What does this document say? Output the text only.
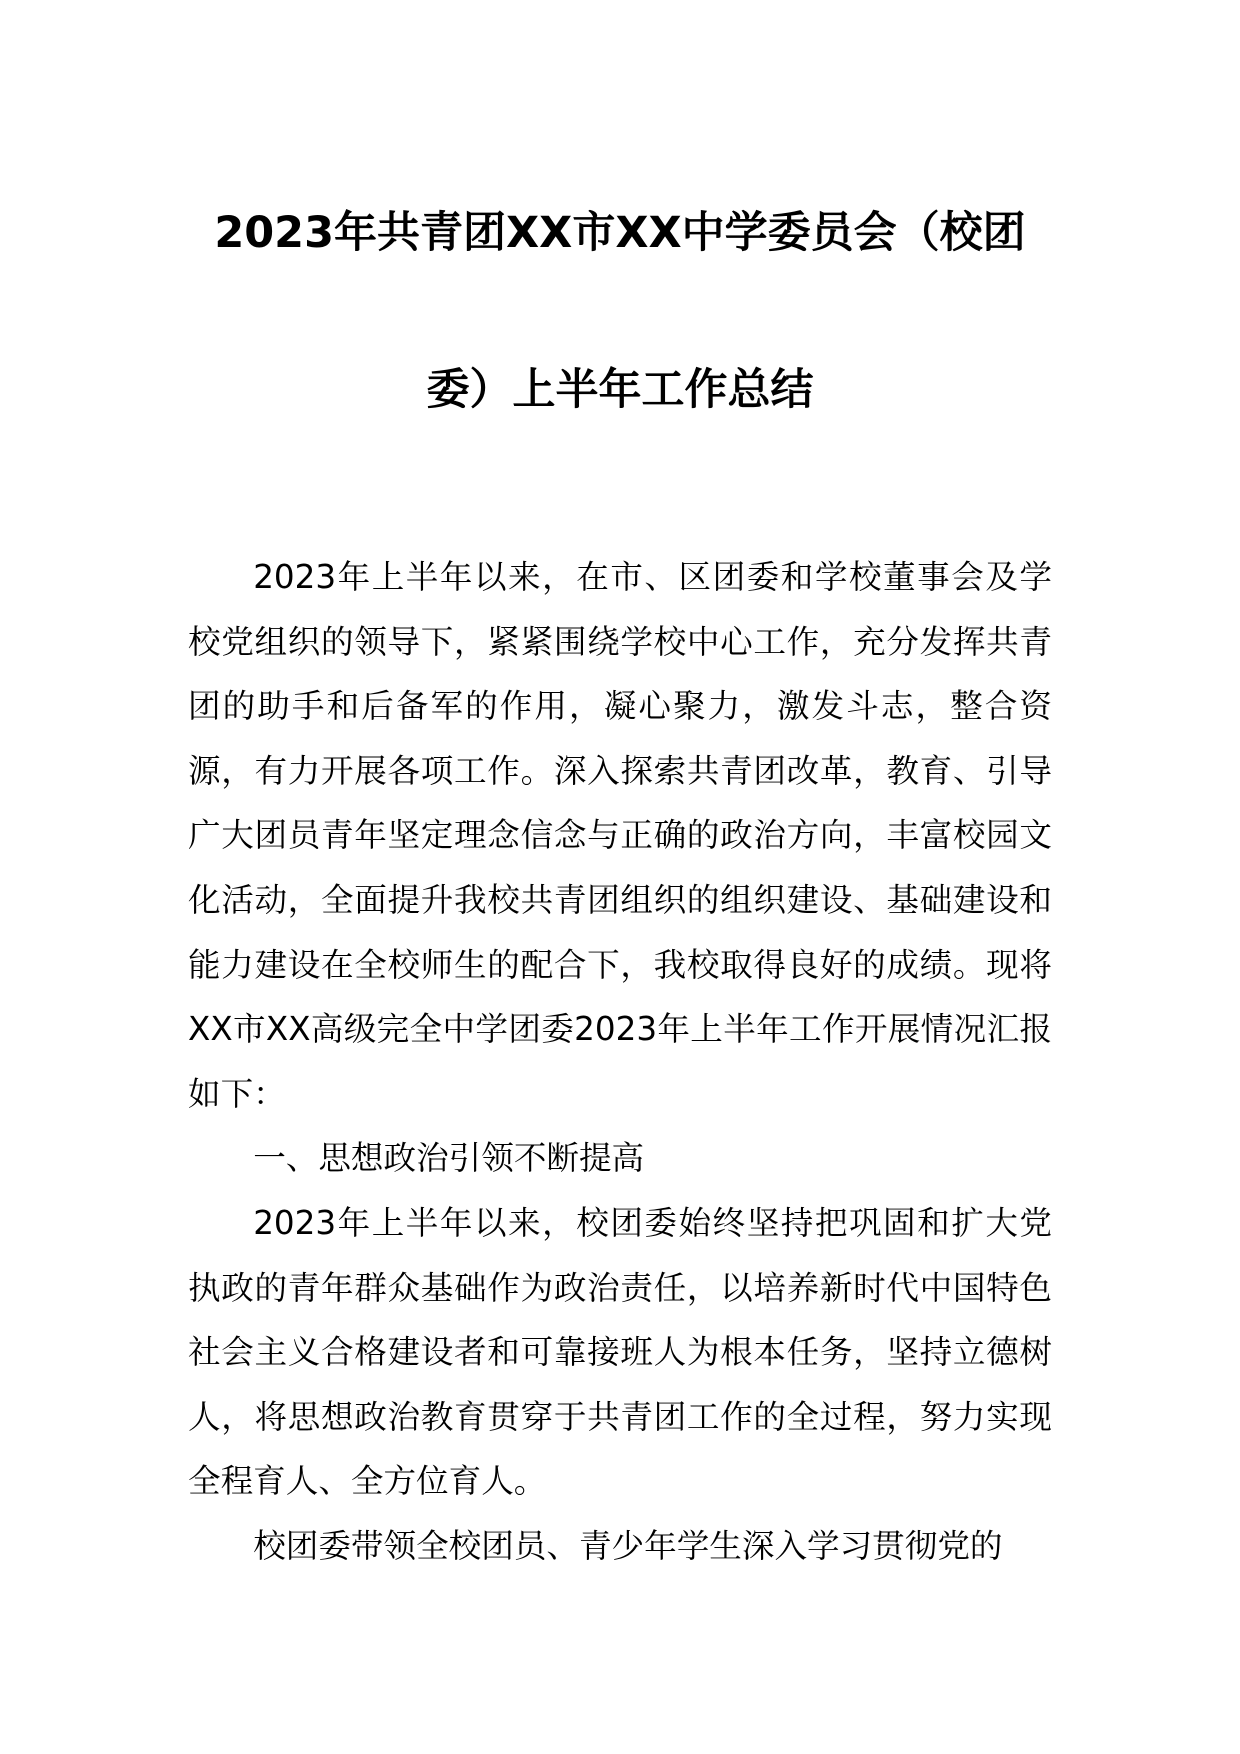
2023年共青团XX市XX中学委员会（校团
委）上半年工作总结

2023年上半年以来，在市、区团委和学校董事会及学校党组织的领导下，紧紧围绕学校中心工作，充分发挥共青团的助手和后备军的作用，凝心聚力，激发斗志，整合资源，有力开展各项工作。深入探索共青团改革，教育、引导广大团员青年坚定理念信念与正确的政治方向，丰富校园文化活动，全面提升我校共青团组织的组织建设、基础建设和能力建设在全校师生的配合下，我校取得良好的成绩。现将XX市XX高级完全中学团委2023年上半年工作开展情况汇报如下：

一、思想政治引领不断提高

2023年上半年以来，校团委始终坚持把巩固和扩大党执政的青年群众基础作为政治责任，以培养新时代中国特色社会主义合格建设者和可靠接班人为根本任务，坚持立德树人，将思想政治教育贯穿于共青团工作的全过程，努力实现全程育人、全方位育人。

校团委带领全校团员、青少年学生深入学习贯彻党的
